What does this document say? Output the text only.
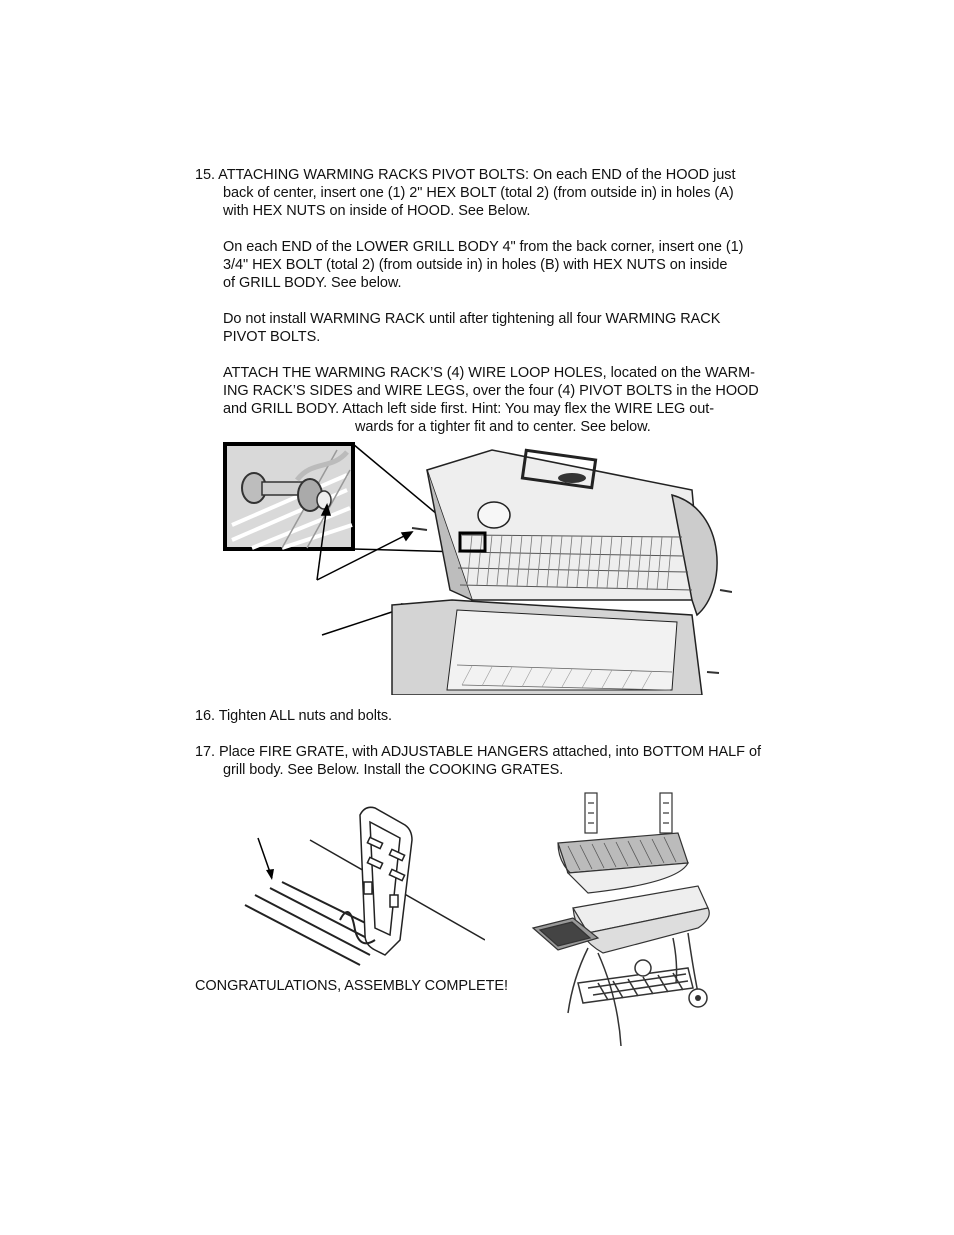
15. ATTACHING WARMING RACKS PIVOT BOLTS: On each END of the HOOD just
back of center, insert one (1) 2" HEX BOLT (total 2) (from outside in) in holes (A)
with HEX NUTS on inside of HOOD. See Below.
On each END of the LOWER GRILL BODY 4" from the back corner, insert one (1)
3/4" HEX BOLT (total 2) (from outside in) in holes (B) with HEX NUTS on inside
of GRILL BODY. See below.
Do not install WARMING RACK until after tightening all four WARMING RACK
PIVOT BOLTS.
ATTACH THE WARMING RACK’S (4) WIRE LOOP HOLES, located on the WARM-
ING RACK’S SIDES and WIRE LEGS, over the four (4) PIVOT BOLTS in the HOOD
and GRILL BODY. Attach left side first. Hint: You may flex the WIRE LEG out-
wards for a tighter fit and to center. See below.
16. Tighten ALL nuts and bolts.
17. Place FIRE GRATE, with ADJUSTABLE HANGERS attached, into BOTTOM HALF of
grill body. See Below. Install the COOKING GRATES.
CONGRATULATIONS, ASSEMBLY COMPLETE!
